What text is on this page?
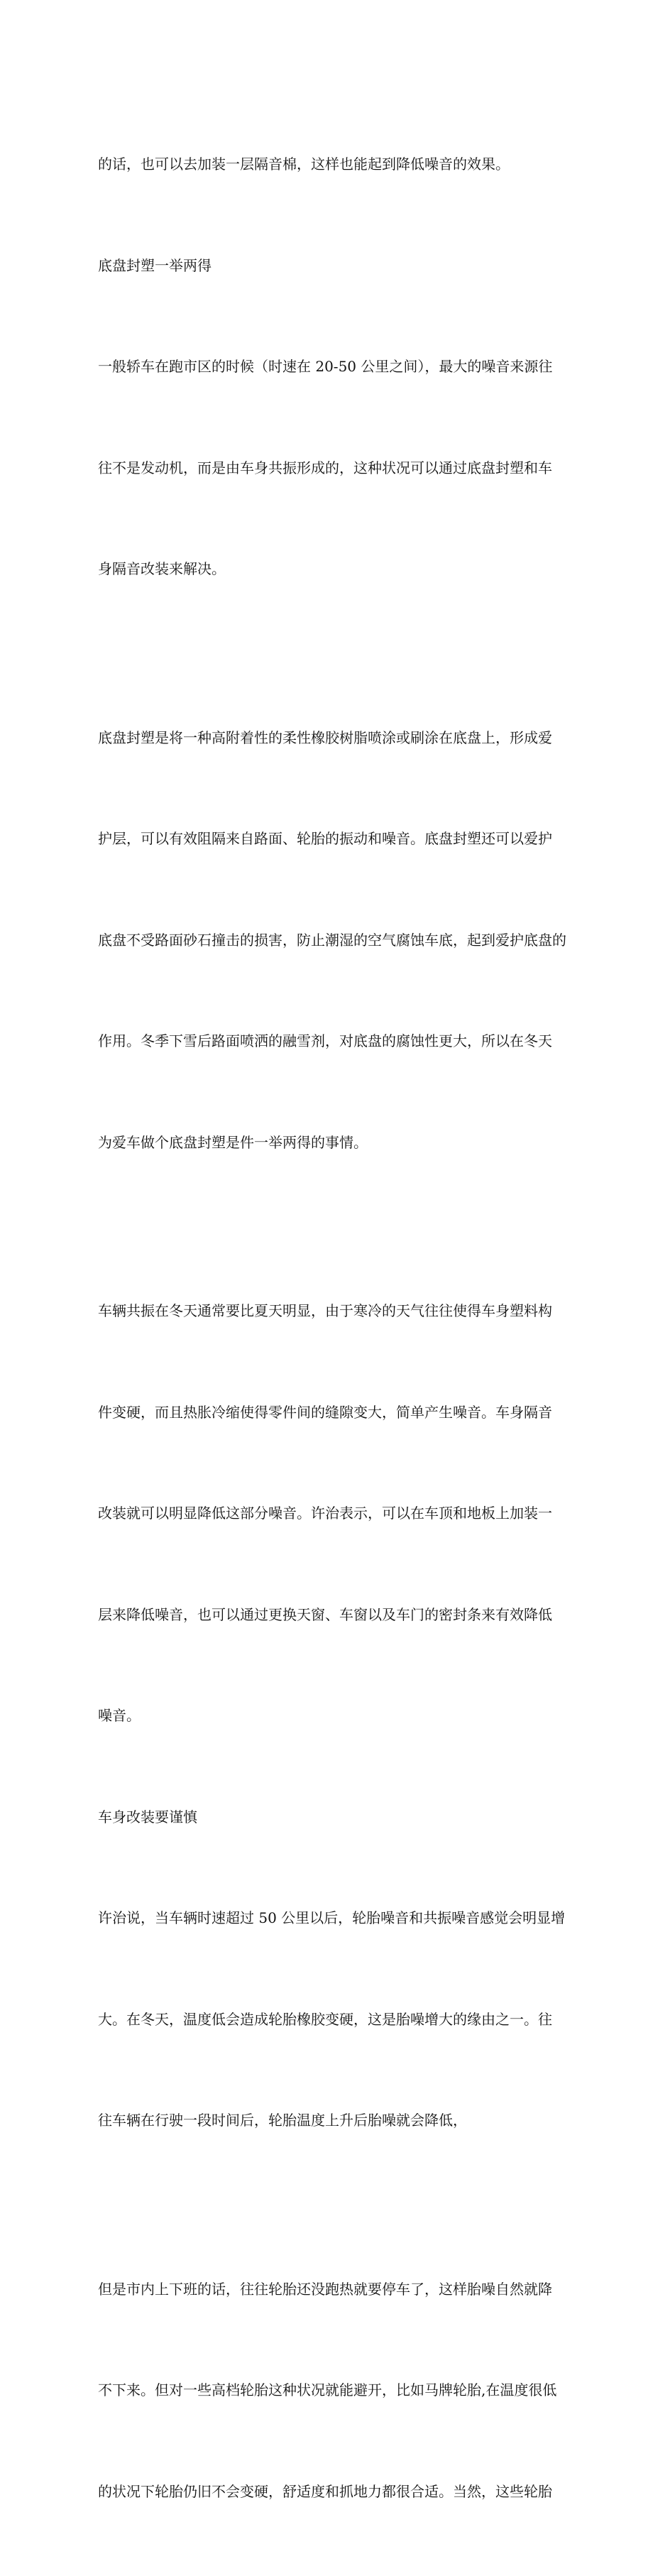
的话，也可以去加装一层隔音棉，这样也能起到降低噪音的效果。

底盘封塑一举两得

一般轿车在跑市区的时候（时速在 20-50 公里之间），最大的噪音来源往

往不是发动机，而是由车身共振形成的，这种状况可以通过底盘封塑和车

身隔音改装来解决。

底盘封塑是将一种高附着性的柔性橡胶树脂喷涂或刷涂在底盘上，形成爱

护层，可以有效阻隔来自路面、轮胎的振动和噪音。底盘封塑还可以爱护

底盘不受路面砂石撞击的损害，防止潮湿的空气腐蚀车底，起到爱护底盘的

作用。冬季下雪后路面喷洒的融雪剂，对底盘的腐蚀性更大，所以在冬天

为爱车做个底盘封塑是件一举两得的事情。

车辆共振在冬天通常要比夏天明显，由于寒冷的天气往往使得车身塑料构

件变硬，而且热胀冷缩使得零件间的缝隙变大，简单产生噪音。车身隔音

改装就可以明显降低这部分噪音。许治表示，可以在车顶和地板上加装一

层来降低噪音，也可以通过更换天窗、车窗以及车门的密封条来有效降低

噪音。

车身改装要谨慎

许治说，当车辆时速超过 50 公里以后，轮胎噪音和共振噪音感觉会明显增

大。在冬天，温度低会造成轮胎橡胶变硬，这是胎噪增大的缘由之一。往

往车辆在行驶一段时间后，轮胎温度上升后胎噪就会降低，

但是市内上下班的话，往往轮胎还没跑热就要停车了，这样胎噪自然就降

不下来。但对一些高档轮胎这种状况就能避开，比如马牌轮胎,在温度很低

的状况下轮胎仍旧不会变硬，舒适度和抓地力都很合适。当然，这些轮胎
